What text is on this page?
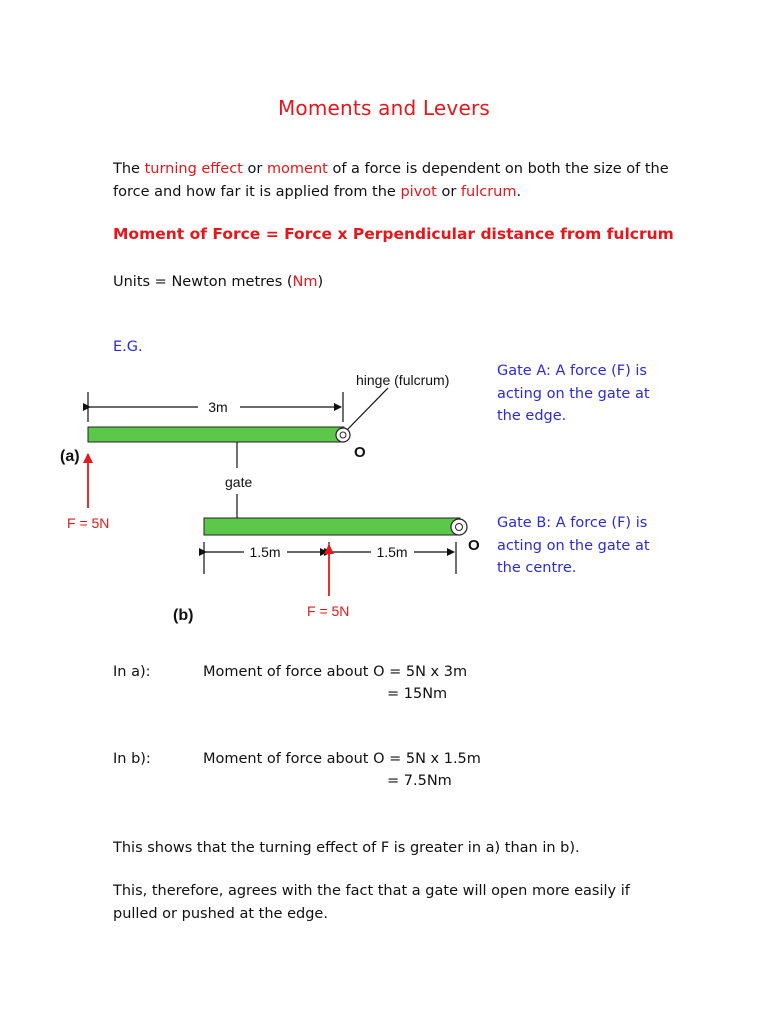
Moments and Levers
The turning effect or moment of a force is dependent on both the size of the force and how far it is applied from the pivot or fulcrum.
Moment of Force = Force x Perpendicular distance from fulcrum
Units = Newton metres (Nm)
E.G.
3m
hinge (fulcrum)
O
(a)
F = 5N
gate
O
1.5m	1.5m
F = 5N
(b)
Gate A: A force (F) is acting on the gate at the edge.
Gate B: A force (F) is acting on the gate at the centre.
In a):	Moment of force about O = 5N x 3m
= 15Nm
In b):	Moment of force about O = 5N x 1.5m
= 7.5Nm
This shows that the turning effect of F is greater in a) than in b).
This, therefore, agrees with the fact that a gate will open more easily if pulled or pushed at the edge.
